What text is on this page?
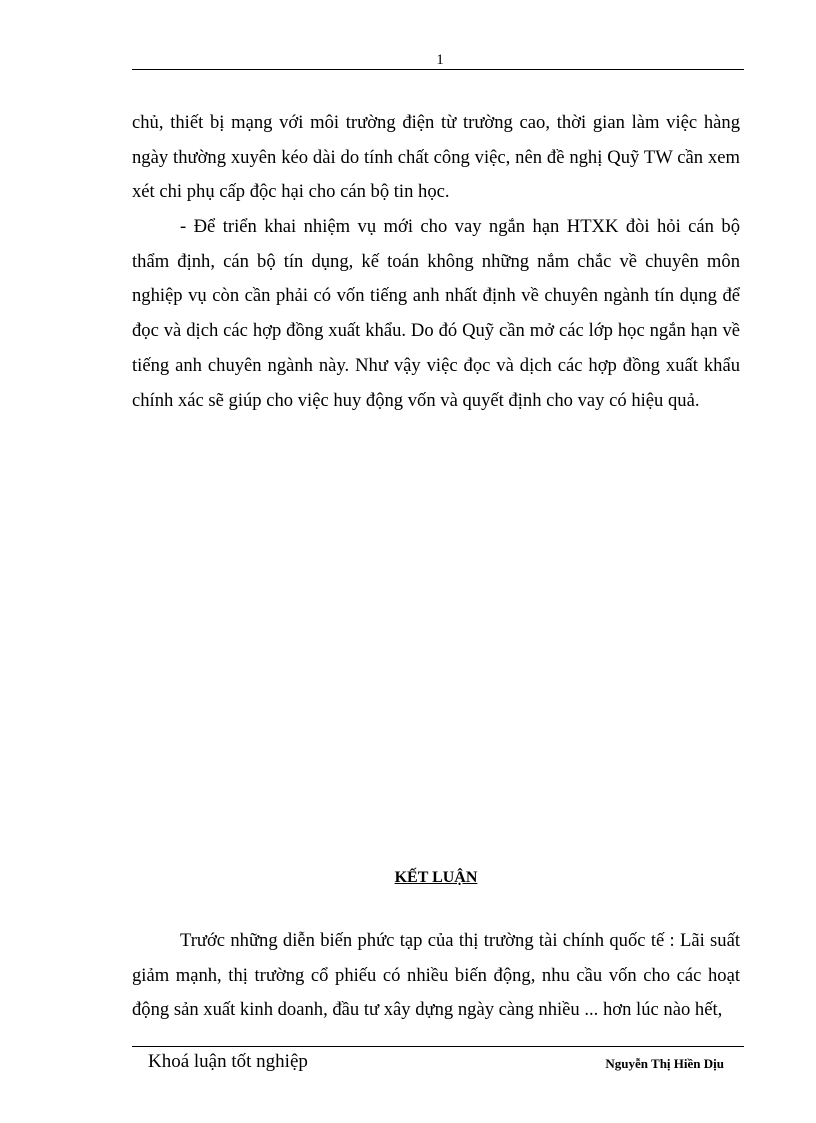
1

chủ, thiết bị mạng với môi trường điện từ trường cao, thời gian làm việc hàng ngày thường xuyên kéo dài do tính chất công việc, nên đề nghị Quỹ TW cần xem xét chi phụ cấp độc hại cho cán bộ tin học.

- Để triển khai nhiệm vụ mới cho vay ngắn hạn HTXK đòi hỏi cán bộ thẩm định, cán bộ tín dụng, kế toán không những nắm chắc về chuyên môn nghiệp vụ còn cần phải có vốn tiếng anh nhất định về chuyên ngành tín dụng để đọc và dịch các hợp đồng xuất khẩu. Do đó Quỹ cần mở các lớp học ngắn hạn về tiếng anh chuyên ngành này. Như vậy việc đọc và dịch các hợp đồng xuất khẩu chính xác sẽ giúp cho việc huy động vốn và quyết định cho vay có hiệu quả.

KẾT LUẬN

Trước những diễn biến phức tạp của thị trường tài chính quốc tế : Lãi suất giảm mạnh, thị trường cổ phiếu có nhiều biến động, nhu cầu vốn cho các hoạt động sản xuất kinh doanh, đầu tư xây dựng ngày càng nhiều ... hơn lúc nào hết,

Khoá luận tốt nghiệp	Nguyễn Thị Hiền Dịu
